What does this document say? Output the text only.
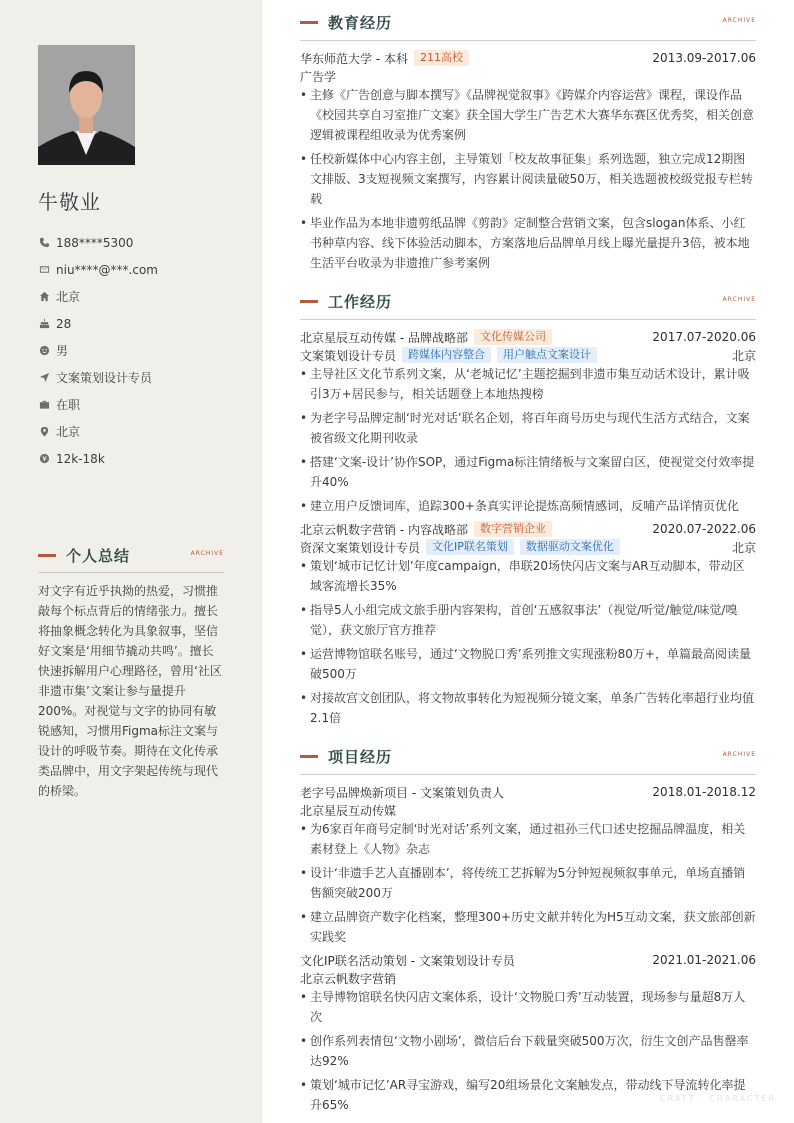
牛敬业
188****5300
niu****@***.com
北京
28
男
文案策划设计专员
在职
北京
12k-18k
个人总结	ARCHIVE
对文字有近乎执拗的热爱，习惯推敲每个标点背后的情绪张力。擅长将抽象概念转化为具象叙事，坚信好文案是‘用细节撬动共鸣’。擅长快速拆解用户心理路径，曾用‘社区非遗市集’文案让参与量提升200%。对视觉与文字的协同有敏锐感知，习惯用Figma标注文案与设计的呼吸节奏。期待在文化传承类品牌中，用文字架起传统与现代的桥梁。
教育经历	ARCHIVE
华东师范大学 - 本科	211高校	2013.09-2017.06
广告学
• 主修《广告创意与脚本撰写》《品牌视觉叙事》《跨媒介内容运营》课程，课设作品《校园共享自习室推广文案》获全国大学生广告艺术大赛华东赛区优秀奖，相关创意逻辑被课程组收录为优秀案例
• 任校新媒体中心内容主创，主导策划「校友故事征集」系列选题，独立完成12期图文排版、3支短视频文案撰写，内容累计阅读量破50万，相关选题被校级党报专栏转载
• 毕业作品为本地非遗剪纸品牌《剪韵》定制整合营销文案，包含slogan体系、小红书种草内容、线下体验活动脚本，方案落地后品牌单月线上曝光量提升3倍，被本地生活平台收录为非遗推广参考案例
工作经历	ARCHIVE
北京星辰互动传媒 - 品牌战略部	文化传媒公司	2017.07-2020.06
文案策划设计专员	跨媒体内容整合	用户触点文案设计	北京
• 主导社区文化节系列文案，从‘老城记忆’主题挖掘到非遗市集互动话术设计，累计吸引3万+居民参与，相关话题登上本地热搜榜
• 为老字号品牌定制‘时光对话’联名企划，将百年商号历史与现代生活方式结合，文案被省级文化期刊收录
• 搭建‘文案-设计’协作SOP，通过Figma标注情绪板与文案留白区，使视觉交付效率提升40%
• 建立用户反馈词库，追踪300+条真实评论提炼高频情感词，反哺产品详情页优化
北京云帆数字营销 - 内容战略部	数字营销企业	2020.07-2022.06
资深文案策划设计专员	文化IP联名策划	数据驱动文案优化	北京
• 策划‘城市记忆计划’年度campaign，串联20场快闪店文案与AR互动脚本，带动区域客流增长35%
• 指导5人小组完成文旅手册内容架构，首创‘五感叙事法’（视觉/听觉/触觉/味觉/嗅觉），获文旅厅官方推荐
• 运营博物馆联名账号，通过‘文物脱口秀’系列推文实现涨粉80万+，单篇最高阅读量破500万
• 对接故宫文创团队，将文物故事转化为短视频分镜文案，单条广告转化率超行业均值2.1倍
项目经历	ARCHIVE
老字号品牌焕新项目 - 文案策划负责人	2018.01-2018.12
北京星辰互动传媒
• 为6家百年商号定制‘时光对话’系列文案，通过祖孙三代口述史挖掘品牌温度，相关素材登上《人物》杂志
• 设计‘非遗手艺人直播剧本’，将传统工艺拆解为5分钟短视频叙事单元，单场直播销售额突破200万
• 建立品牌资产数字化档案，整理300+历史文献并转化为H5互动文案，获文旅部创新实践奖
文化IP联名活动策划 - 文案策划设计专员	2021.01-2021.06
北京云帆数字营销
• 主导博物馆联名快闪店文案体系，设计‘文物脱口秀’互动装置，现场参与量超8万人次
• 创作系列表情包‘文物小剧场’，微信后台下载量突破500万次，衍生文创产品售罄率达92%
• 策划‘城市记忆’AR寻宝游戏，编写20组场景化文案触发点，带动线下导流转化率提升65%	CRAFT · CHARACTER
